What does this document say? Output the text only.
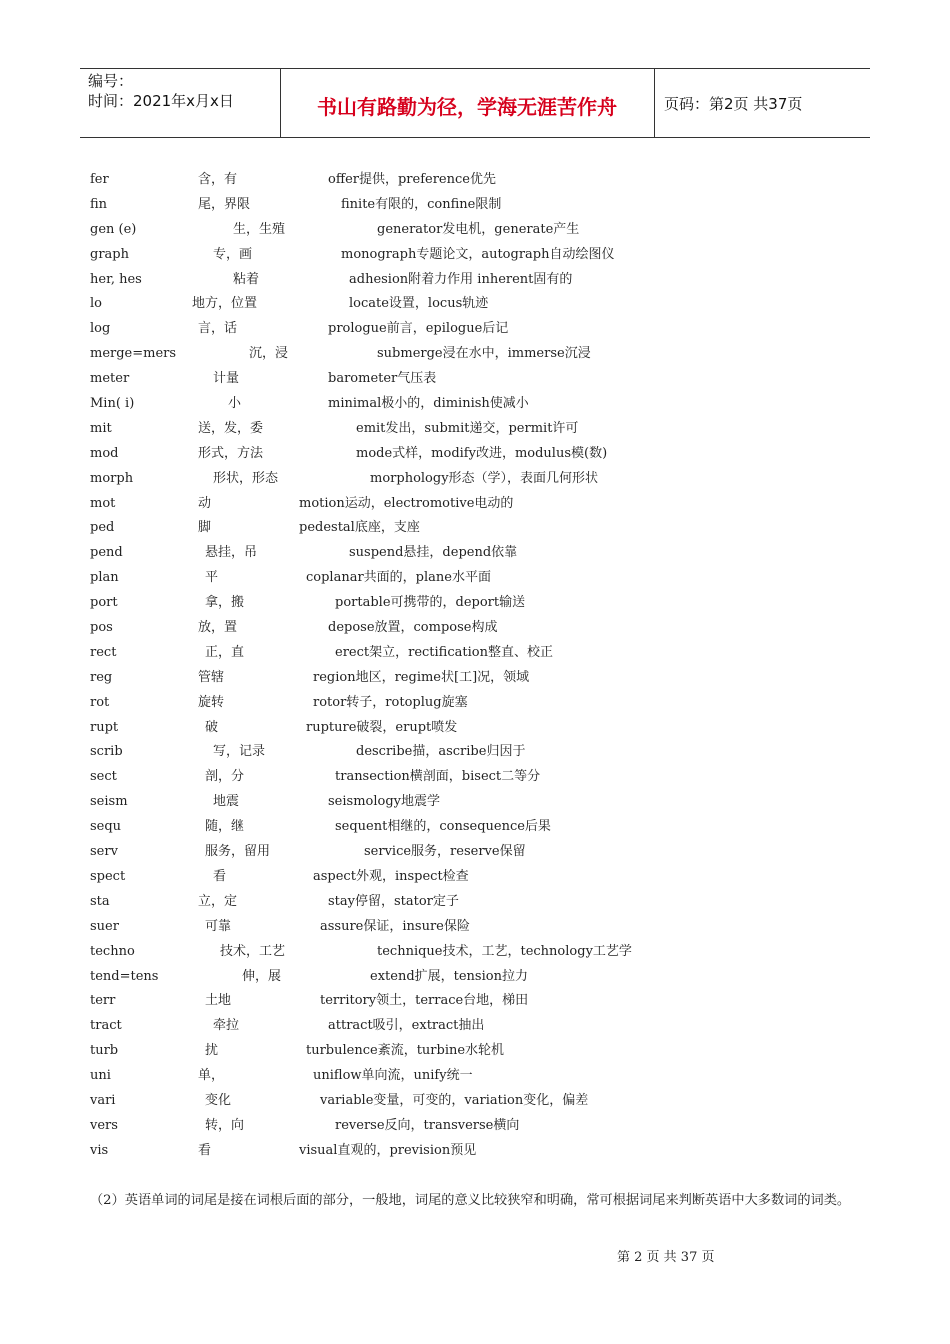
编号：
时间：2021年x月x日	书山有路勤为径，学海无涯苦作舟	页码：第2页 共37页
fer	含，有	offer提供，preference优先
fin	尾，界限	finite有限的，confine限制
gen (e)	生，生殖	generator发电机，generate产生
graph	专，画	monograph专题论文，autograph自动绘图仪
her, hes	粘着	adhesion附着力作用 inherent固有的
lo	地方，位置	locate设置，locus轨迹
log	言，话	prologue前言，epilogue后记
merge=mers	沉，浸	submerge浸在水中，immerse沉浸
meter	计量	barometer气压表
Min( i)	小	minimal极小的，diminish使减小
mit	送，发，委	emit发出，submit递交，permit许可
mod	形式，方法	mode式样，modify改进，modulus模(数)
morph	形状，形态	morphology形态（学），表面几何形状
mot	动	motion运动，electromotive电动的
ped	脚	pedestal底座，支座
pend	悬挂，吊	suspend悬挂，depend依靠
plan	平	coplanar共面的，plane水平面
port	拿，搬	portable可携带的，deport输送
pos	放，置	depose放置，compose构成
rect	正，直	erect架立，rectification整直、校正
reg	管辖	region地区，regime状[工]况，领域
rot	旋转	rotor转子，rotoplug旋塞
rupt	破	rupture破裂，erupt喷发
scrib	写，记录	describe描，ascribe归因于
sect	剖，分	transection横剖面，bisect二等分
seism	地震	seismology地震学
sequ	随，继	sequent相继的，consequence后果
serv	服务，留用	service服务，reserve保留
spect	看	aspect外观，inspect检查
sta	立，定	stay停留，stator定子
suer	可靠	assure保证，insure保险
techno	技术，工艺	technique技术，工艺，technology工艺学
tend=tens	伸，展	extend扩展，tension拉力
terr	土地	territory领土，terrace台地，梯田
tract	牵拉	attract吸引，extract抽出
turb	扰	turbulence紊流，turbine水轮机
uni	单，	uniflow单向流，unify统一
vari	变化	variable变量，可变的，variation变化，偏差
vers	转，向	reverse反向，transverse横向
vis	看	visual直观的，prevision预见
（2）英语单词的词尾是接在词根后面的部分，一般地，词尾的意义比较狭窄和明确，常可根据词尾来判断英语中大多数词的词类。
第 2 页 共 37 页
